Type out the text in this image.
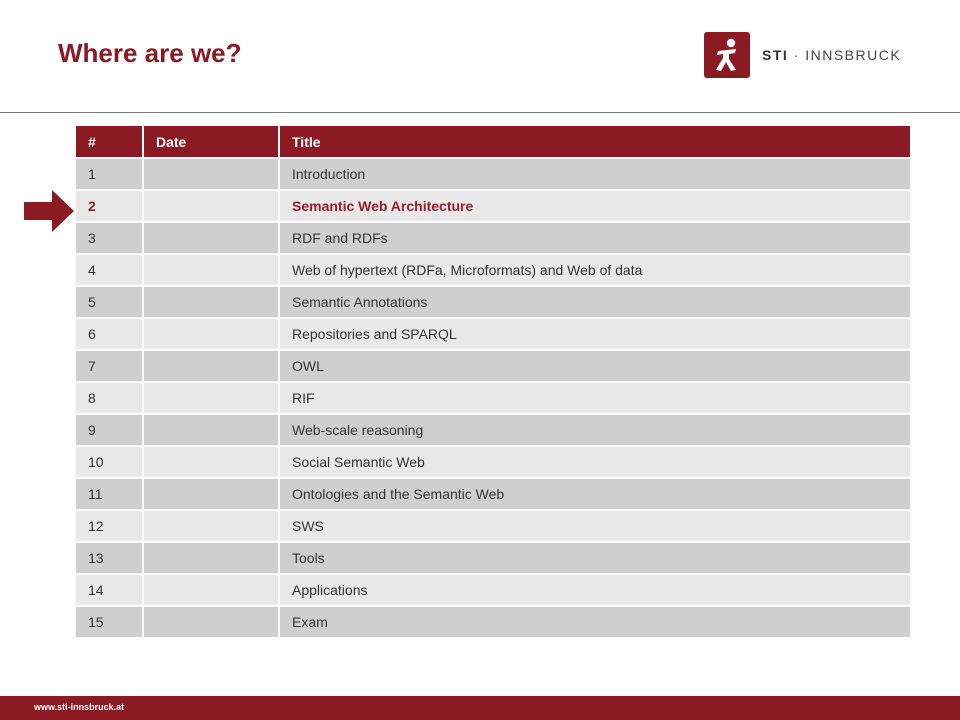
Where are we?	STI · INNSBRUCK
#	Date	Title
1		Introduction
2		Semantic Web Architecture
3		RDF and RDFs
4		Web of hypertext (RDFa, Microformats) and Web of data
5		Semantic Annotations
6		Repositories and SPARQL
7		OWL
8		RIF
9		Web-scale reasoning
10		Social Semantic Web
11		Ontologies and the Semantic Web
12		SWS
13		Tools
14		Applications
15		Exam
www.sti-innsbruck.at
